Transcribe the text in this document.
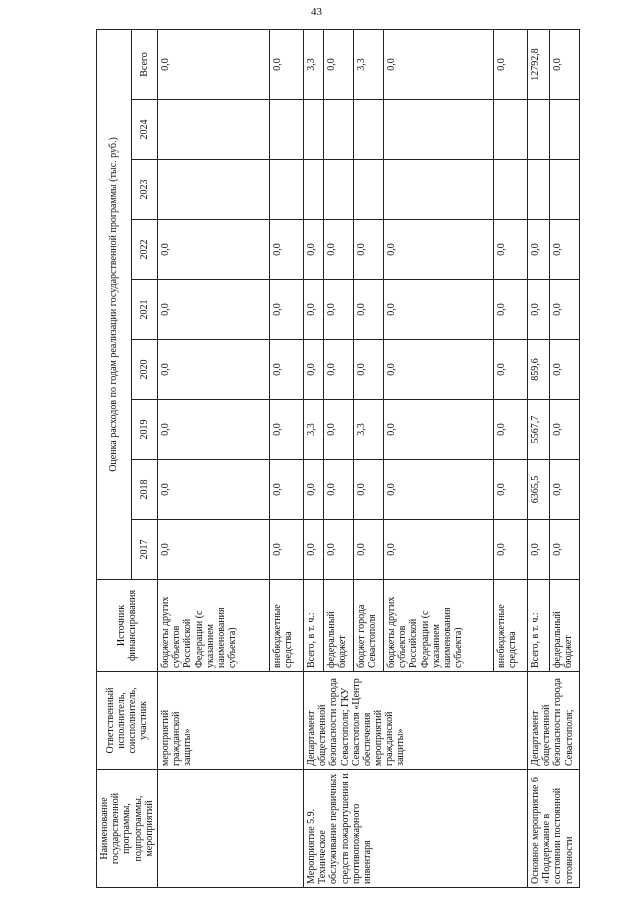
43
Наименование государственной программы, подпрограммы, мероприятий	Ответственный исполнитель, соисполнитель, участник	Источник финансирования	Оценка расходов по годам реализации государственной программы (тыс. руб.)								
			2017	2018	2019	2020	2021	2022	2023	2024	Всего
	мероприятий гражданской защиты»	бюджеты других субъектов Российской Федерации (с указанием наименования субъекта)	0,0	0,0	0,0	0,0	0,0	0,0			0,0
		внебюджетные средства	0,0	0,0	0,0	0,0	0,0	0,0			0,0
Мероприятие 5.9. Техническое обслуживание первичных средств пожаротушения и противопожарного инвентаря	Департамент общественной безопасности города Севастополя; ГКУ Севастополя «Центр обеспечения мероприятий гражданской защиты»	Всего, в т. ч.:	0,0	0,0	3,3	0,0	0,0	0,0			3,3
		федеральный бюджет	0,0	0,0	0,0	0,0	0,0	0,0			0,0
		бюджет города Севастополя	0,0	0,0	3,3	0,0	0,0	0,0			3,3
		бюджеты других субъектов Российской Федерации (с указанием наименования субъекта)	0,0	0,0	0,0	0,0	0,0	0,0			0,0
		внебюджетные средства	0,0	0,0	0,0	0,0	0,0	0,0			0,0
Основное мероприятие 6 «Поддержание в состоянии постоянной готовности	Департамент общественной безопасности города Севастополя;	Всего, в т. ч.:	0,0	6365,5	5567,7	859,6	0,0	0,0			12792,8
		федеральный бюджет	0,0	0,0	0,0	0,0	0,0	0,0			0,0
